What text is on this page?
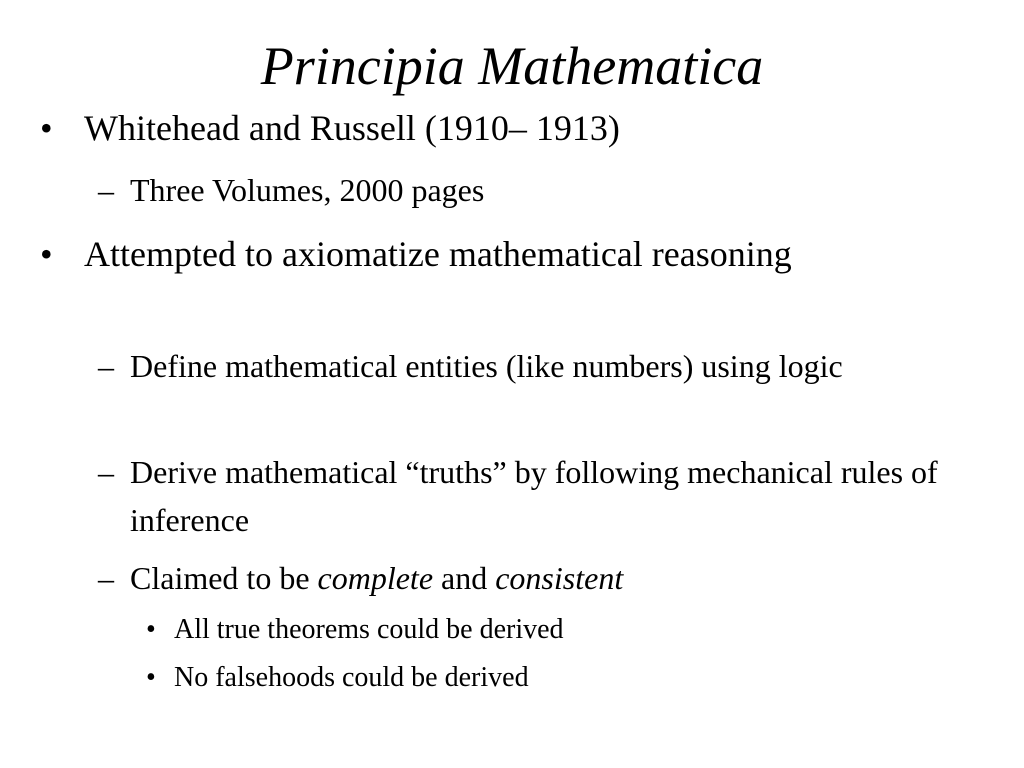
Principia Mathematica

• Whitehead and Russell (1910– 1913)

– Three Volumes, 2000 pages

• Attempted to axiomatize mathematical reasoning

– Define mathematical entities (like numbers) using logic

– Derive mathematical “truths” by following mechanical rules of inference

– Claimed to be complete and consistent

• All true theorems could be derived

• No falsehoods could be derived
